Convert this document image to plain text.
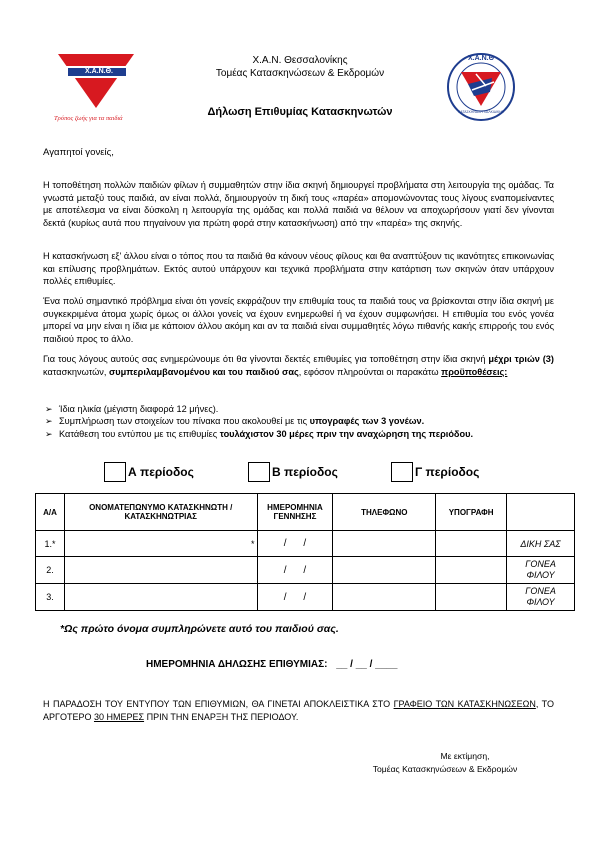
Χ.Α.Ν.Θ.
Τρόπος ζωής για τα παιδιά
Χ.Α.Ν. Θεσσαλονίκης
Τομέας Κατασκηνώσεων & Εκδρομών
Δήλωση Επιθυμίας Κατασκηνωτών
Χ.Α.Ν.Θ
ΚΑΤΑΣΚΗΝΩΣΗ ΧΑΛΚΙΔΙΚΗΣ
Αγαπητοί γονείς,

Η τοποθέτηση πολλών παιδιών φίλων ή συμμαθητών στην ίδια σκηνή δημιουργεί προβλήματα στη λειτουργία της ομάδας. Τα γνωστά μεταξύ τους παιδιά, αν είναι πολλά, δημιουργούν τη δική τους «παρέα» απομονώνοντας τους λίγους εναπομείναντες με αποτέλεσμα να είναι δύσκολη η λειτουργία της ομάδας και πολλά παιδιά να θέλουν να αποχωρήσουν γιατί δεν γίνονται δεκτά (κυρίως αυτά που πηγαίνουν για πρώτη φορά στην κατασκήνωση) από την «παρέα» της σκηνής.

Η κατασκήνωση εξ' άλλου είναι ο τόπος που τα παιδιά θα κάνουν νέους φίλους και θα αναπτύξουν τις ικανότητες επικοινωνίας και επίλυσης προβλημάτων. Εκτός αυτού υπάρχουν και τεχνικά προβλήματα στην κατάρτιση των σκηνών όταν υπάρχουν πολλές επιθυμίες.

Ένα πολύ σημαντικό πρόβλημα είναι ότι γονείς εκφράζουν την επιθυμία τους τα παιδιά τους να βρίσκονται στην ίδια σκηνή με συγκεκριμένα άτομα χωρίς όμως οι άλλοι γονείς να έχουν ενημερωθεί ή να έχουν συμφωνήσει. Η επιθυμία του ενός γονέα μπορεί να μην είναι η ίδια με κάποιον άλλου ακόμη και αν τα παιδιά είναι συμμαθητές λόγω πιθανής κακής επιρροής του ενός παιδιού προς το άλλο.

Για τους λόγους αυτούς σας ενημερώνουμε ότι θα γίνονται δεκτές επιθυμίες για τοποθέτηση στην ίδια σκηνή μέχρι τριών (3) κατασκηνωτών, συμπεριλαμβανομένου και του παιδιού σας, εφόσον πληρούνται οι παρακάτω προϋποθέσεις:

➢ Ίδια ηλικία (μέγιστη διαφορά 12 μήνες).
➢ Συμπλήρωση των στοιχείων του πίνακα που ακολουθεί με τις υπογραφές των 3 γονέων.
➢ Κατάθεση του εντύπου με τις επιθυμίες τουλάχιστον 30 μέρες πριν την αναχώρηση της περιόδου.
Α περίοδος	Β περίοδος	Γ περίοδος
Α/Α	ΟΝΟΜΑΤΕΠΩΝΥΜΟ ΚΑΤΑΣΚΗΝΩΤΗ / ΚΑΤΑΣΚΗΝΩΤΡΙΑΣ	ΗΜΕΡΟΜΗΝΙΑ ΓΕΝΝΗΣΗΣ	ΤΗΛΕΦΩΝΟ	ΥΠΟΓΡΑΦΗ	
1.*	*	/ /			ΔΙΚΗ ΣΑΣ
2.		/ /			ΓΟΝΕΑ ΦΙΛΟΥ
3.		/ /			ΓΟΝΕΑ ΦΙΛΟΥ
*Ως πρώτο όνομα συμπληρώνετε αυτό του παιδιού σας.
ΗΜΕΡΟΜΗΝΙΑ ΔΗΛΩΣΗΣ ΕΠΙΘΥΜΙΑΣ: __ / __ / ____

Η ΠΑΡΑΔΟΣΗ ΤΟΥ ΕΝΤΥΠΟΥ ΤΩΝ ΕΠΙΘΥΜΙΩΝ, ΘΑ ΓΙΝΕΤΑΙ ΑΠΟΚΛΕΙΣΤΙΚΑ ΣΤΟ ΓΡΑΦΕΙΟ ΤΩΝ ΚΑΤΑΣΚΗΝΩΣΕΩΝ, ΤΟ ΑΡΓΟΤΕΡΟ 30 ΗΜΕΡΕΣ ΠΡΙΝ ΤΗΝ ΕΝΑΡΞΗ ΤΗΣ ΠΕΡΙΟΔΟΥ.

Με εκτίμηση,
Τομέας Κατασκηνώσεων & Εκδρομών
